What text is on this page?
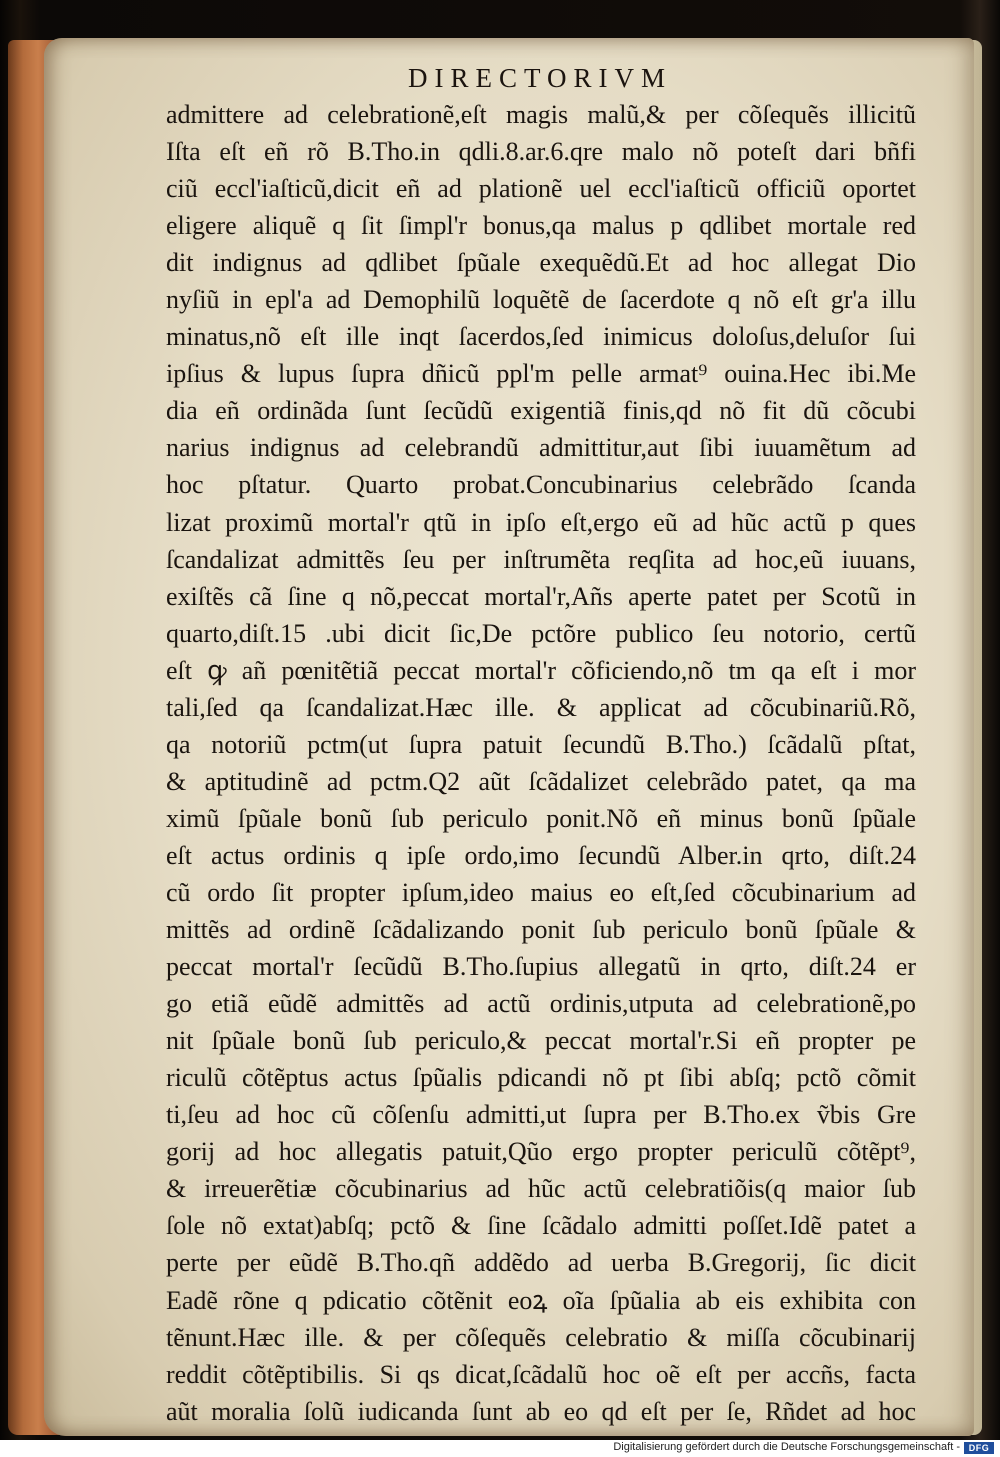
DIRECTORIVM
admittere ad celebrationẽ,eſt magis malũ,& per cõſequẽs illicitũ
Iſta eſt eñ rõ B.Tho.in qdli.8.ar.6.qre malo nõ poteſt dari bñfi
ciũ eccl'iaſticũ,dicit eñ ad plationẽ uel eccl'iaſticũ officiũ oportet
eligere aliquẽ q ſit ſimpl'r bonus,qa malus p qdlibet mortale red
dit indignus ad qdlibet ſpũale exequẽdũ.Et ad hoc allegat Dio
nyſiũ in epl'a ad Demophilũ loquẽtẽ de ſacerdote q nõ eſt gr'a illu
minatus,nõ eſt ille inqt ſacerdos,ſed inimicus doloſus,deluſor ſui
ipſius & lupus ſupra dñicũ ppl'm pelle armat⁹ ouina.Hec ibi.Me
dia eñ ordinãda ſunt ſecũdũ exigentiã finis,qd nõ fit dũ cõcubi
narius indignus ad celebrandũ admittitur,aut ſibi iuuamẽtum ad
hoc pſtatur. Quarto probat.Concubinarius celebrãdo ſcanda
lizat proximũ mortal'r qtũ in ipſo eſt,ergo eũ ad hũc actũ p ques
ſcandalizat admittẽs ſeu per inſtrumẽta reqſita ad hoc,eũ iuuans,
exiſtẽs cã ſine q nõ,peccat mortal'r,Añs aperte patet per Scotũ in
quarto,diſt.15 .ubi dicit ſic,De pctõre publico ſeu notorio, certũ
eſt ꝙ añ pœnitẽtiã peccat mortal'r cõficiendo,nõ tm qa eſt i mor
tali,ſed qa ſcandalizat.Hæc ille. & applicat ad cõcubinariũ.Rõ,
qa notoriũ pctm(ut ſupra patuit ſecundũ B.Tho.) ſcãdalũ pſtat,
& aptitudinẽ ad pctm.Q2 aũt ſcãdalizet celebrãdo patet, qa ma
ximũ ſpũale bonũ ſub periculo ponit.Nõ eñ minus bonũ ſpũale
eſt actus ordinis q ipſe ordo,imo ſecundũ Alber.in qrto, diſt.24
cũ ordo ſit propter ipſum,ideo maius eo eſt,ſed cõcubinarium ad
mittẽs ad ordinẽ ſcãdalizando ponit ſub periculo bonũ ſpũale &
peccat mortal'r ſecũdũ B.Tho.ſupius allegatũ in qrto, diſt.24 er
go etiã eũdẽ admittẽs ad actũ ordinis,utputa ad celebrationẽ,po
nit ſpũale bonũ ſub periculo,& peccat mortal'r.Si eñ propter pe
riculũ cõtẽptus actus ſpũalis pdicandi nõ pt ſibi abſq; pctõ cõmit
ti,ſeu ad hoc cũ cõſenſu admitti,ut ſupra per B.Tho.ex ṽbis Gre
gorij ad hoc allegatis patuit,Qũo ergo propter periculũ cõtẽpt⁹,
& irreuerẽtiæ cõcubinarius ad hũc actũ celebratiõis(q maior ſub
ſole nõ extat)abſq; pctõ & ſine ſcãdalo admitti poſſet.Idẽ patet a
perte per eũdẽ B.Tho.qñ addẽdo ad uerba B.Gregorij, ſic dicit
Eadẽ rõne q pdicatio cõtẽnit eoꝝ oĩa ſpũalia ab eis exhibita con
tẽnunt.Hæc ille. & per cõſequẽs celebratio & miſſa cõcubinarij
reddit cõtẽptibilis. Si qs dicat,ſcãdalũ hoc oẽ eſt per accñs, facta
aũt moralia ſolũ iudicanda ſunt ab eo qd eſt per ſe, Rñdet ad hoc
Digitalisierung gefördert durch die Deutsche Forschungsgemeinschaft - DFG
